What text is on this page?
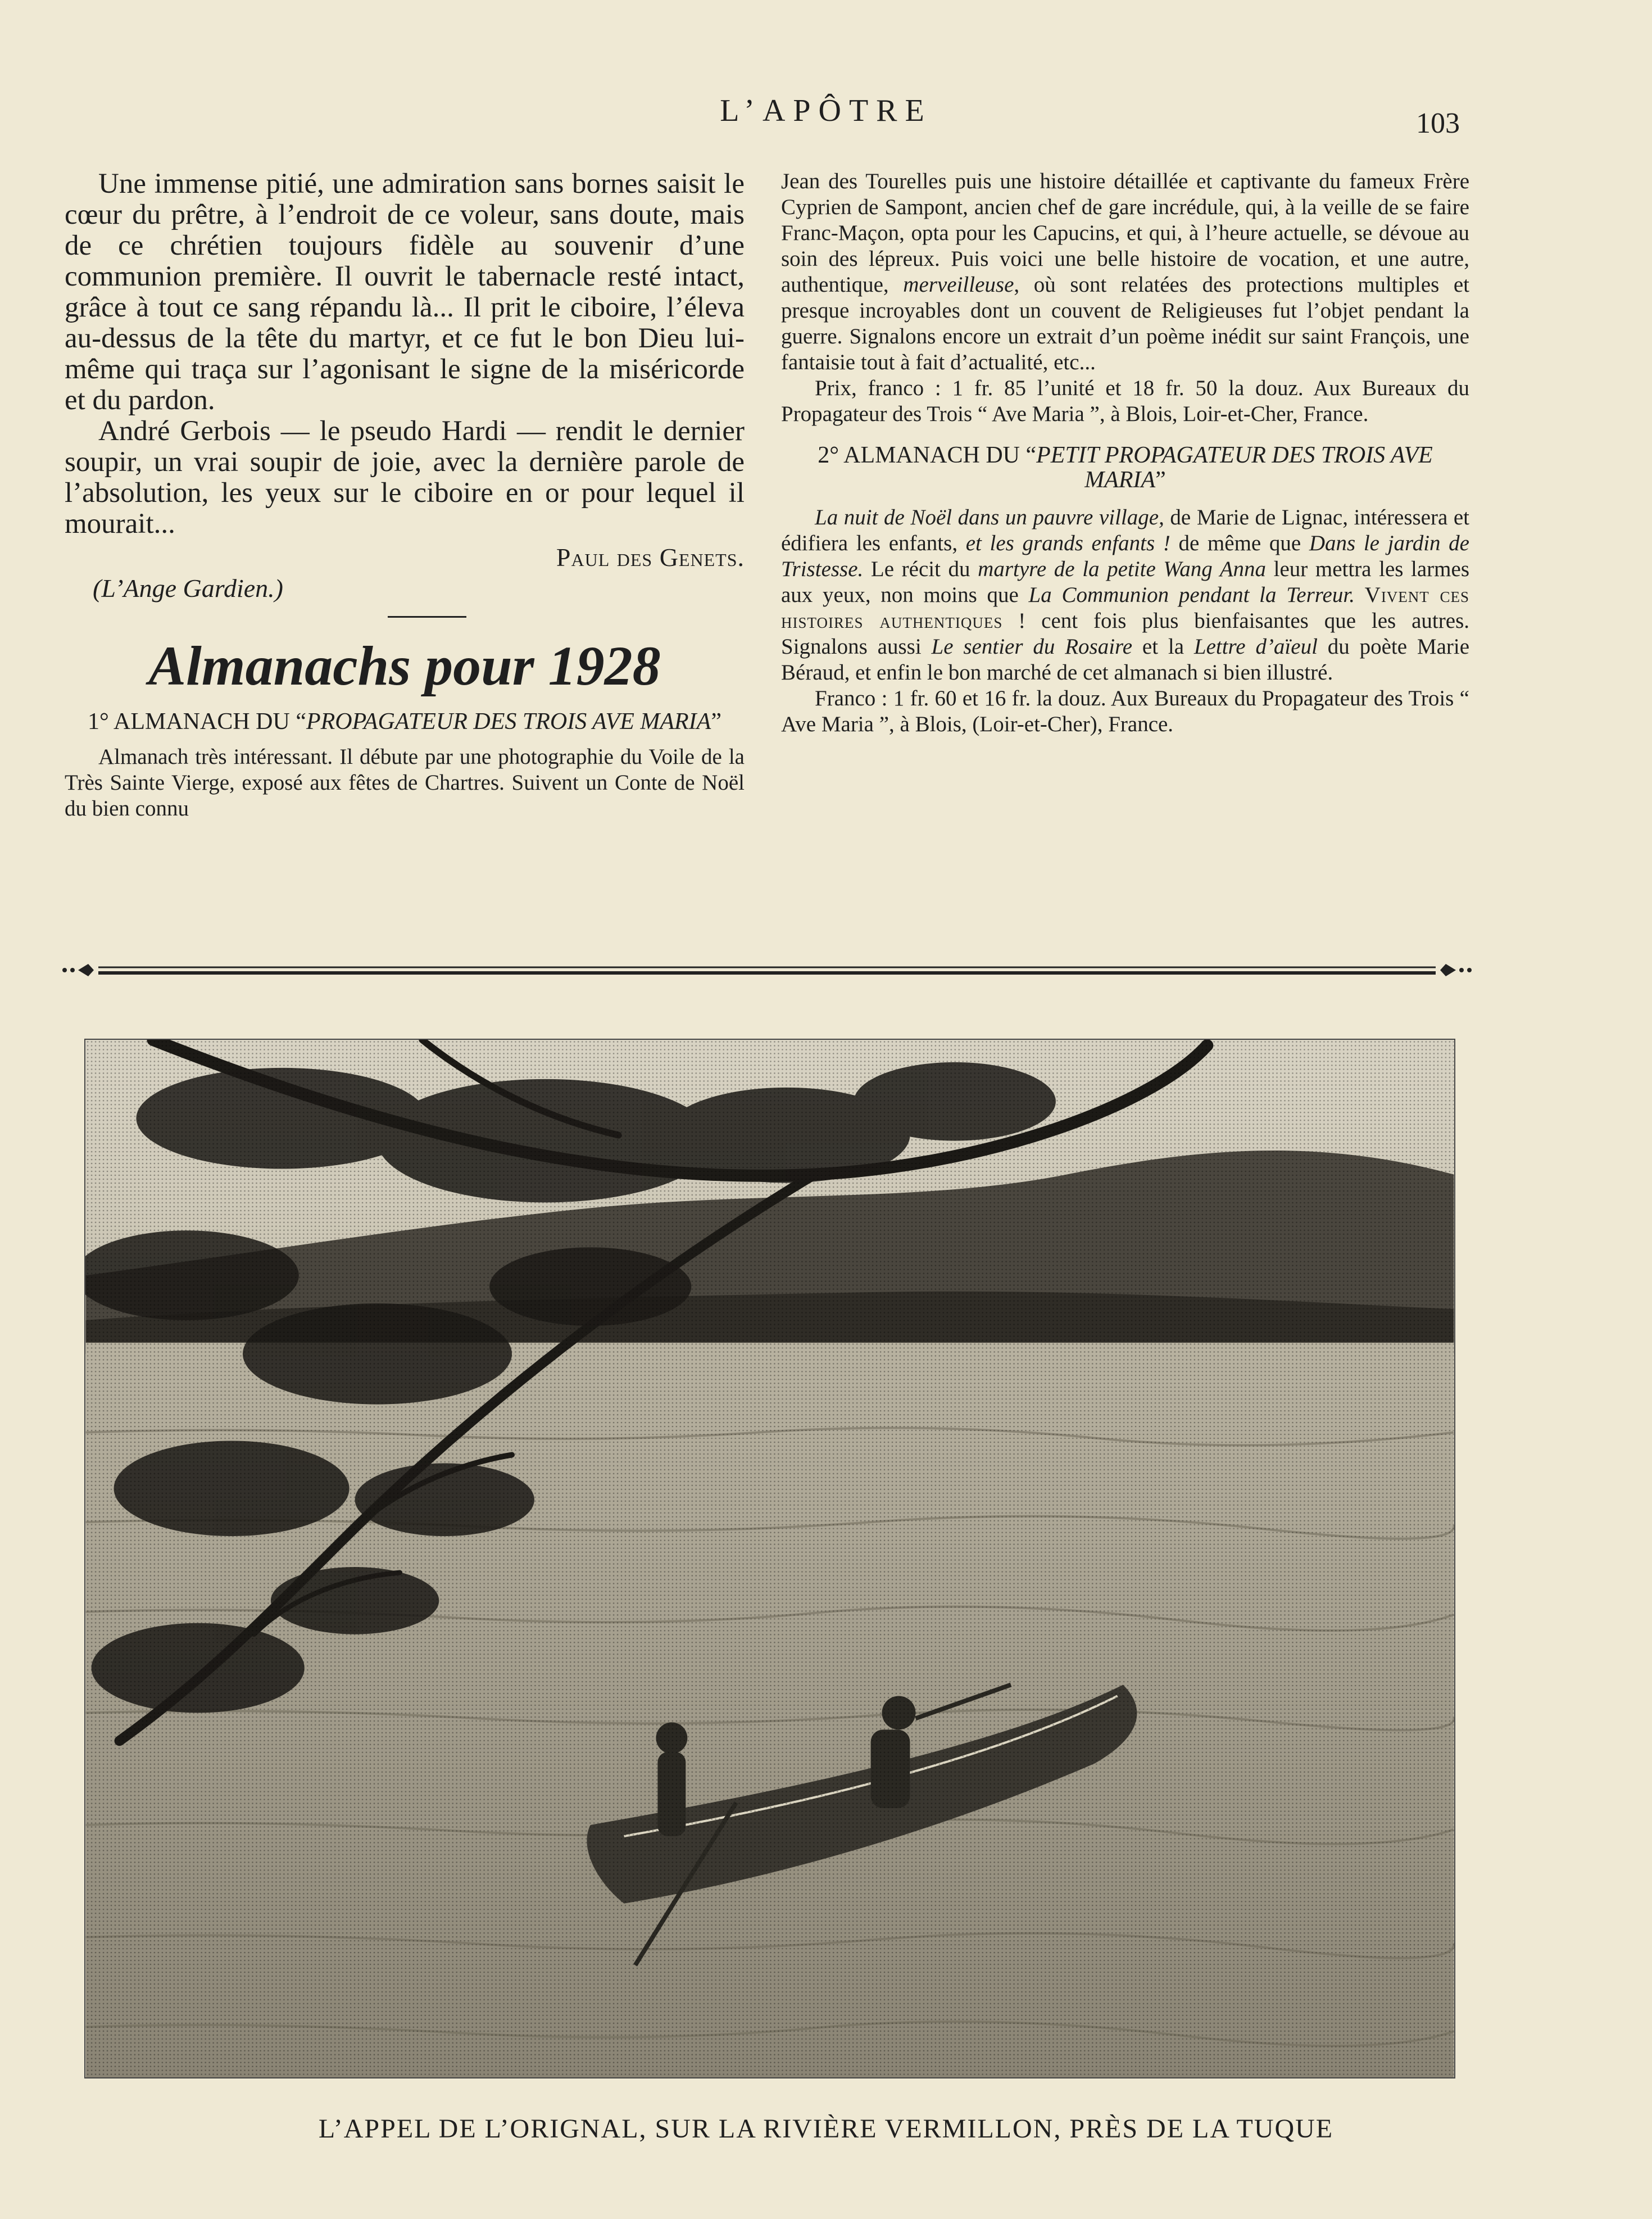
L’APÔTRE	103

Une immense pitié, une admiration sans bornes saisit le cœur du prêtre, à l’endroit de ce voleur, sans doute, mais de ce chrétien toujours fidèle au souvenir d’une communion première. Il ouvrit le tabernacle resté intact, grâce à tout ce sang répandu là... Il prit le ciboire, l’éleva au-dessus de la tête du martyr, et ce fut le bon Dieu lui-même qui traça sur l’agonisant le signe de la miséricorde et du pardon.

André Gerbois — le pseudo Hardi — rendit le dernier soupir, un vrai soupir de joie, avec la dernière parole de l’absolution, les yeux sur le ciboire en or pour lequel il mourait...

Paul des Genets.

(L’Ange Gardien.)

Almanachs pour 1928
1° ALMANACH DU “PROPAGATEUR DES TROIS AVE MARIA”

Almanach très intéressant. Il débute par une photographie du Voile de la Très Sainte Vierge, exposé aux fêtes de Chartres. Suivent un Conte de Noël du bien connu

Jean des Tourelles puis une histoire détaillée et captivante du fameux Frère Cyprien de Sampont, ancien chef de gare incrédule, qui, à la veille de se faire Franc-Maçon, opta pour les Capucins, et qui, à l’heure actuelle, se dévoue au soin des lépreux. Puis voici une belle histoire de vocation, et une autre, authentique, merveilleuse, où sont relatées des protections multiples et presque incroyables dont un couvent de Religieuses fut l’objet pendant la guerre. Signalons encore un extrait d’un poème inédit sur saint François, une fantaisie tout à fait d’actualité, etc...

Prix, franco : 1 fr. 85 l’unité et 18 fr. 50 la douz. Aux Bureaux du Propagateur des Trois “ Ave Maria ”, à Blois, Loir-et-Cher, France.

2° ALMANACH DU “PETIT PROPAGATEUR DES TROIS AVE MARIA”

La nuit de Noël dans un pauvre village, de Marie de Lignac, intéressera et édifiera les enfants, et les grands enfants ! de même que Dans le jardin de Tristesse. Le récit du martyre de la petite Wang Anna leur mettra les larmes aux yeux, non moins que La Communion pendant la Terreur. Vivent ces histoires authentiques ! cent fois plus bienfaisantes que les autres. Signalons aussi Le sentier du Rosaire et la Lettre d’aïeul du poète Marie Béraud, et enfin le bon marché de cet almanach si bien illustré.

Franco : 1 fr. 60 et 16 fr. la douz. Aux Bureaux du Propagateur des Trois “ Ave Maria ”, à Blois, (Loir-et-Cher), France.

L’APPEL DE L’ORIGNAL, SUR LA RIVIÈRE VERMILLON, PRÈS DE LA TUQUE
